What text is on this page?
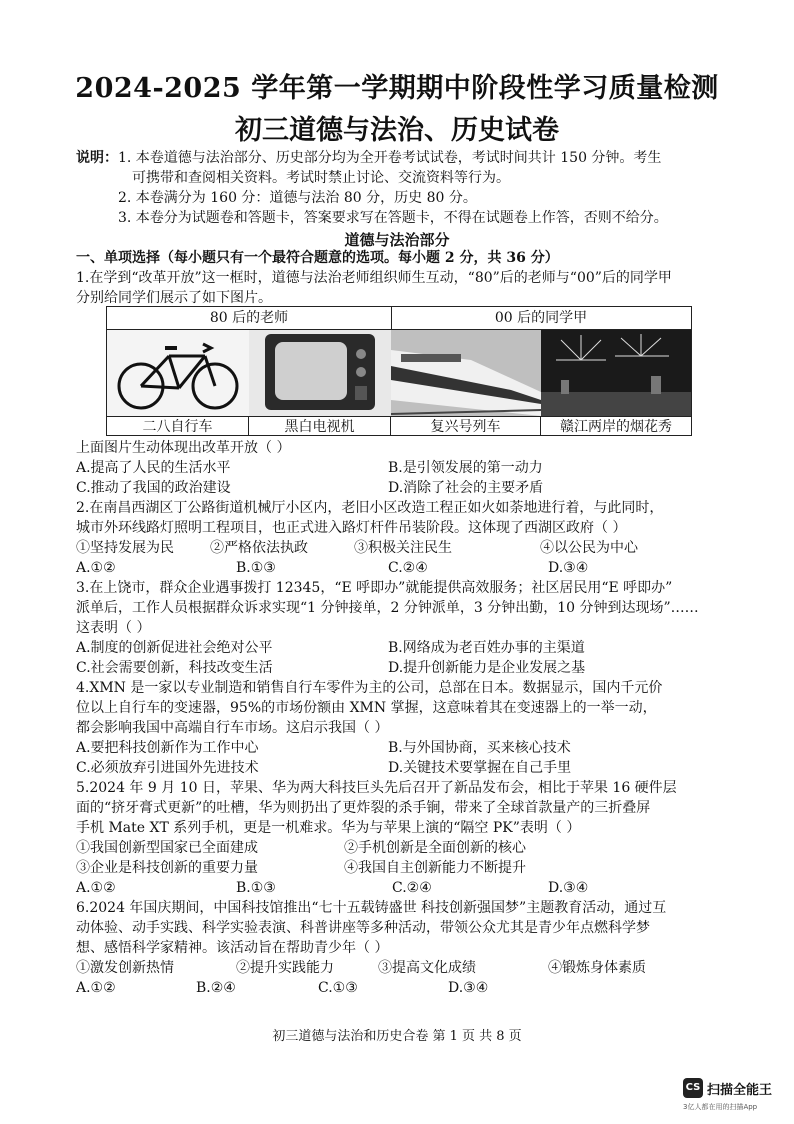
2024-2025 学年第一学期期中阶段性学习质量检测
初三道德与法治、历史试卷
说明： 1. 本卷道德与法治部分、历史部分均为全开卷考试试卷，考试时间共计 150 分钟。考生
可携带和查阅相关资料。考试时禁止讨论、交流资料等行为。
2. 本卷满分为 160 分：道德与法治 80 分，历史 80 分。
3. 本卷分为试题卷和答题卡，答案要求写在答题卡，不得在试题卷上作答，否则不给分。
道德与法治部分
一、单项选择（每小题只有一个最符合题意的选项。每小题 2 分，共 36 分）
1.在学到“改革开放”这一框时，道德与法治老师组织师生互动，“80”后的老师与“00”后的同学甲
分别给同学们展示了如下图片。
80 后的老师	00 后的同学甲
二八自行车	黑白电视机	复兴号列车	赣江两岸的烟花秀
上面图片生动体现出改革开放（ ）
A.提高了人民的生活水平	B.是引领发展的第一动力
C.推动了我国的政治建设	D.消除了社会的主要矛盾
2.在南昌西湖区丁公路街道机械厅小区内，老旧小区改造工程正如火如荼地进行着，与此同时，
城市外环线路灯照明工程项目，也正式进入路灯杆件吊装阶段。这体现了西湖区政府（ ）
①坚持发展为民	②严格依法执政	③积极关注民生	④以公民为中心
A.①②	B.①③	C.②④	D.③④
3.在上饶市，群众企业遇事拨打 12345，“E 呼即办”就能提供高效服务；社区居民用“E 呼即办”
派单后，工作人员根据群众诉求实现“1 分钟接单，2 分钟派单，3 分钟出勤，10 分钟到达现场”……
这表明（ ）
A.制度的创新促进社会绝对公平	B.网络成为老百姓办事的主渠道
C.社会需要创新，科技改变生活	D.提升创新能力是企业发展之基
4.XMN 是一家以专业制造和销售自行车零件为主的公司，总部在日本。数据显示，国内千元价
位以上自行车的变速器，95%的市场份额由 XMN 掌握，这意味着其在变速器上的一举一动，
都会影响我国中高端自行车市场。这启示我国（ ）
A.要把科技创新作为工作中心	B.与外国协商，买来核心技术
C.必须放弃引进国外先进技术	D.关键技术要掌握在自己手里
5.2024 年 9 月 10 日，苹果、华为两大科技巨头先后召开了新品发布会，相比于苹果 16 硬件层
面的“挤牙膏式更新”的吐槽，华为则扔出了更炸裂的杀手锏，带来了全球首款量产的三折叠屏
手机 Mate XT 系列手机，更是一机难求。华为与苹果上演的“隔空 PK”表明（ ）
①我国创新型国家已全面建成	②手机创新是全面创新的核心
③企业是科技创新的重要力量	④我国自主创新能力不断提升
A.①②	B.①③	C.②④	D.③④
6.2024 年国庆期间，中国科技馆推出“七十五载铸盛世 科技创新强国梦”主题教育活动，通过互
动体验、动手实践、科学实验表演、科普讲座等多种活动，带领公众尤其是青少年点燃科学梦
想、感悟科学家精神。该活动旨在帮助青少年（ ）
①激发创新热情	②提升实践能力	③提高文化成绩	④锻炼身体素质
A.①②	B.②④	C.①③	D.③④
初三道德与法治和历史合卷 第 1 页 共 8 页
CS 扫描全能王
3亿人都在用的扫描App
